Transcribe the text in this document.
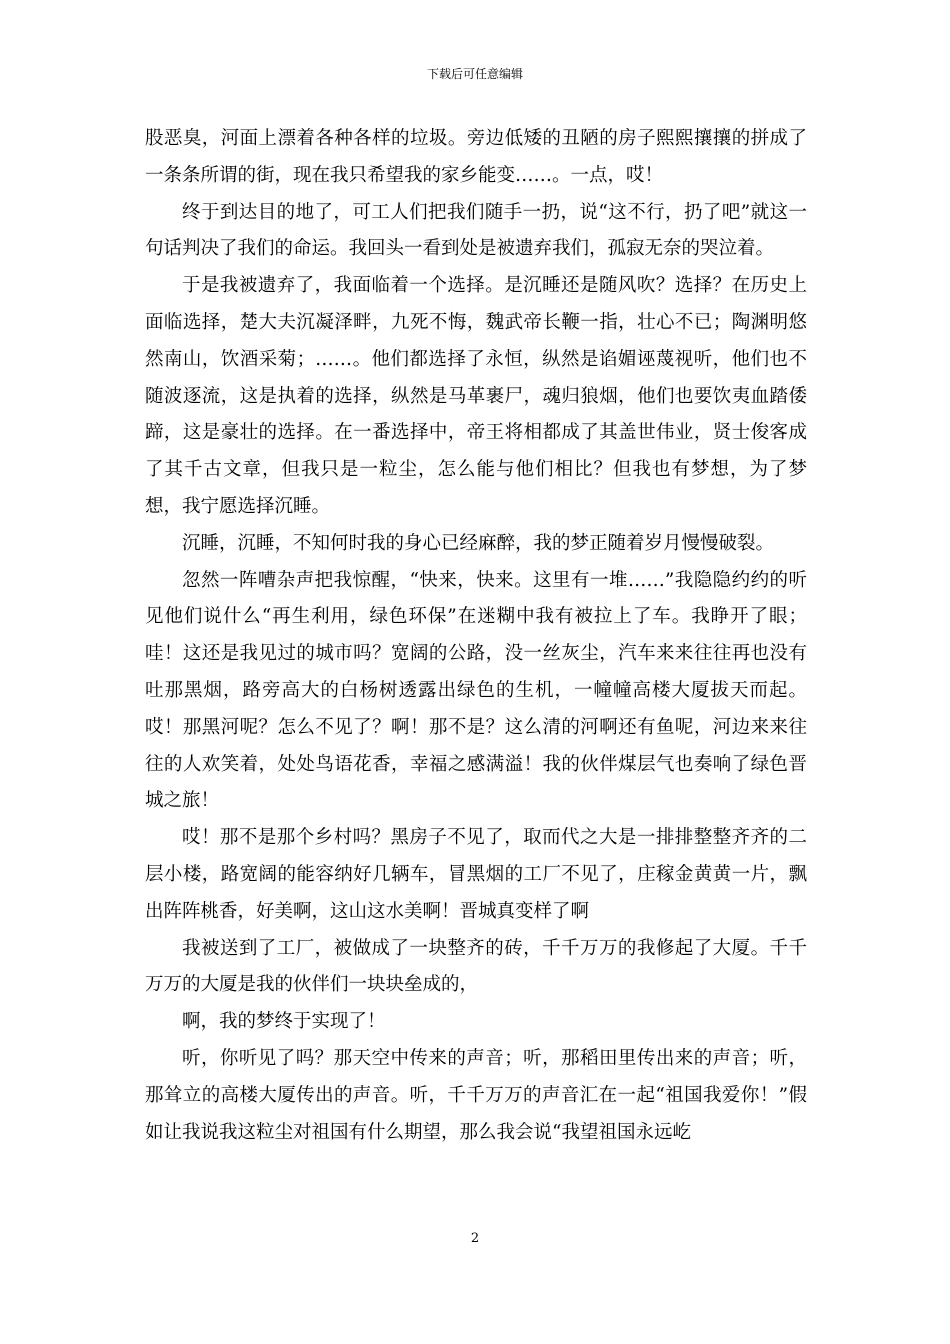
下载后可任意编辑

股恶臭，河面上漂着各种各样的垃圾。旁边低矮的丑陋的房子熙熙攘攘的拼成了一条条所谓的街，现在我只希望我的家乡能变……。一点，哎！

终于到达目的地了，可工人们把我们随手一扔，说“这不行，扔了吧”就这一句话判决了我们的命运。我回头一看到处是被遗弃我们，孤寂无奈的哭泣着。

于是我被遗弃了，我面临着一个选择。是沉睡还是随风吹？选择？在历史上面临选择，楚大夫沉凝泽畔，九死不悔，魏武帝长鞭一指，壮心不已；陶渊明悠然南山，饮酒采菊；……。他们都选择了永恒，纵然是谄媚诬蔑视听，他们也不随波逐流，这是执着的选择，纵然是马革裹尸，魂归狼烟，他们也要饮夷血踏倭蹄，这是豪壮的选择。在一番选择中，帝王将相都成了其盖世伟业，贤士俊客成了其千古文章，但我只是一粒尘，怎么能与他们相比？但我也有梦想，为了梦想，我宁愿选择沉睡。

沉睡，沉睡，不知何时我的身心已经麻醉，我的梦正随着岁月慢慢破裂。

忽然一阵嘈杂声把我惊醒，“快来，快来。这里有一堆……”我隐隐约约的听见他们说什么“再生利用，绿色环保”在迷糊中我有被拉上了车。我睁开了眼；哇！这还是我见过的城市吗？宽阔的公路，没一丝灰尘，汽车来来往往再也没有吐那黑烟，路旁高大的白杨树透露出绿色的生机，一幢幢高楼大厦拔天而起。哎！那黑河呢？怎么不见了？啊！那不是？这么清的河啊还有鱼呢，河边来来往往的人欢笑着，处处鸟语花香，幸福之感满溢！我的伙伴煤层气也奏响了绿色晋城之旅！

哎！那不是那个乡村吗？黑房子不见了，取而代之大是一排排整整齐齐的二层小楼，路宽阔的能容纳好几辆车，冒黑烟的工厂不见了，庄稼金黄黄一片，飘出阵阵桃香，好美啊，这山这水美啊！晋城真变样了啊

我被送到了工厂，被做成了一块整齐的砖，千千万万的我修起了大厦。千千万万的大厦是我的伙伴们一块块垒成的，

啊，我的梦终于实现了！

听，你听见了吗？那天空中传来的声音；听，那稻田里传出来的声音；听，那耸立的高楼大厦传出的声音。听，千千万万的声音汇在一起“祖国我爱你！”假如让我说我这粒尘对祖国有什么期望，那么我会说“我望祖国永远屹

2
